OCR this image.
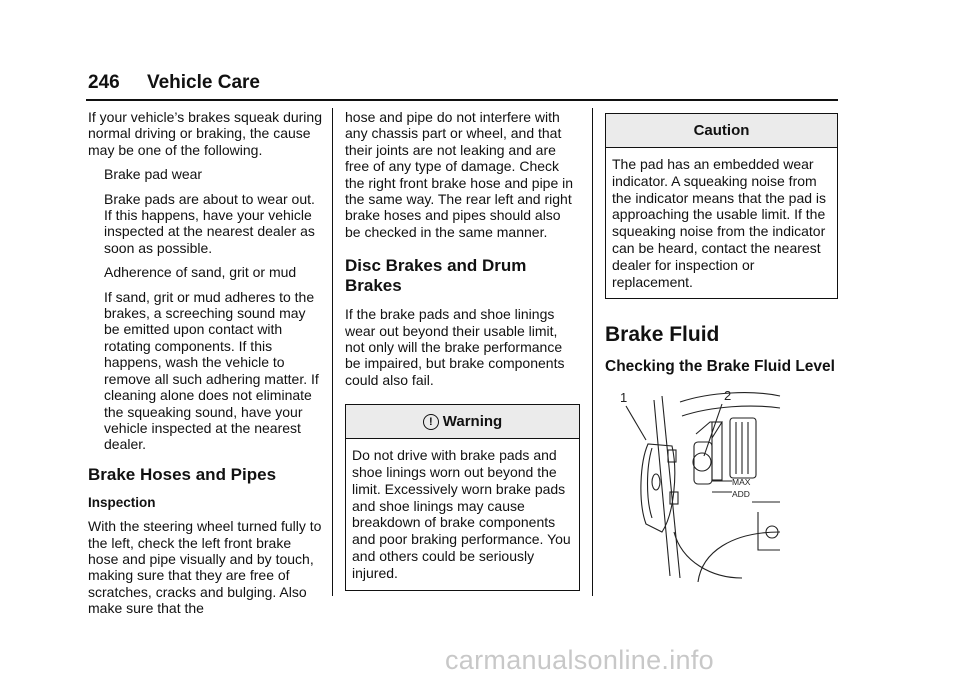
246 Vehicle Care

If your vehicle’s brakes squeak during normal driving or braking, the cause may be one of the following.

Brake pad wear

Brake pads are about to wear out. If this happens, have your vehicle inspected at the nearest dealer as soon as possible.

Adherence of sand, grit or mud

If sand, grit or mud adheres to the brakes, a screeching sound may be emitted upon contact with rotating components. If this happens, wash the vehicle to remove all such adhering matter. If cleaning alone does not eliminate the squeaking sound, have your vehicle inspected at the nearest dealer.

Brake Hoses and Pipes
Inspection

With the steering wheel turned fully to the left, check the left front brake hose and pipe visually and by touch, making sure that they are free of scratches, cracks and bulging. Also make sure that the

hose and pipe do not interfere with any chassis part or wheel, and that their joints are not leaking and are free of any type of damage. Check the right front brake hose and pipe in the same way. The rear left and right brake hoses and pipes should also be checked in the same manner.

Disc Brakes and Drum Brakes

If the brake pads and shoe linings wear out beyond their usable limit, not only will the brake performance be impaired, but brake components could also fail.

! Warning
Do not drive with brake pads and shoe linings worn out beyond the limit. Excessively worn brake pads and shoe linings may cause breakdown of brake components and poor braking performance. You and others could be seriously injured.
Caution
The pad has an embedded wear indicator. A squeaking noise from the indicator means that the pad is approaching the usable limit. If the squeaking noise from the indicator can be heard, contact the nearest dealer for inspection or replacement.
Brake Fluid
Checking the Brake Fluid Level
1	2
MAX
ADD
carmanualsonline.info
